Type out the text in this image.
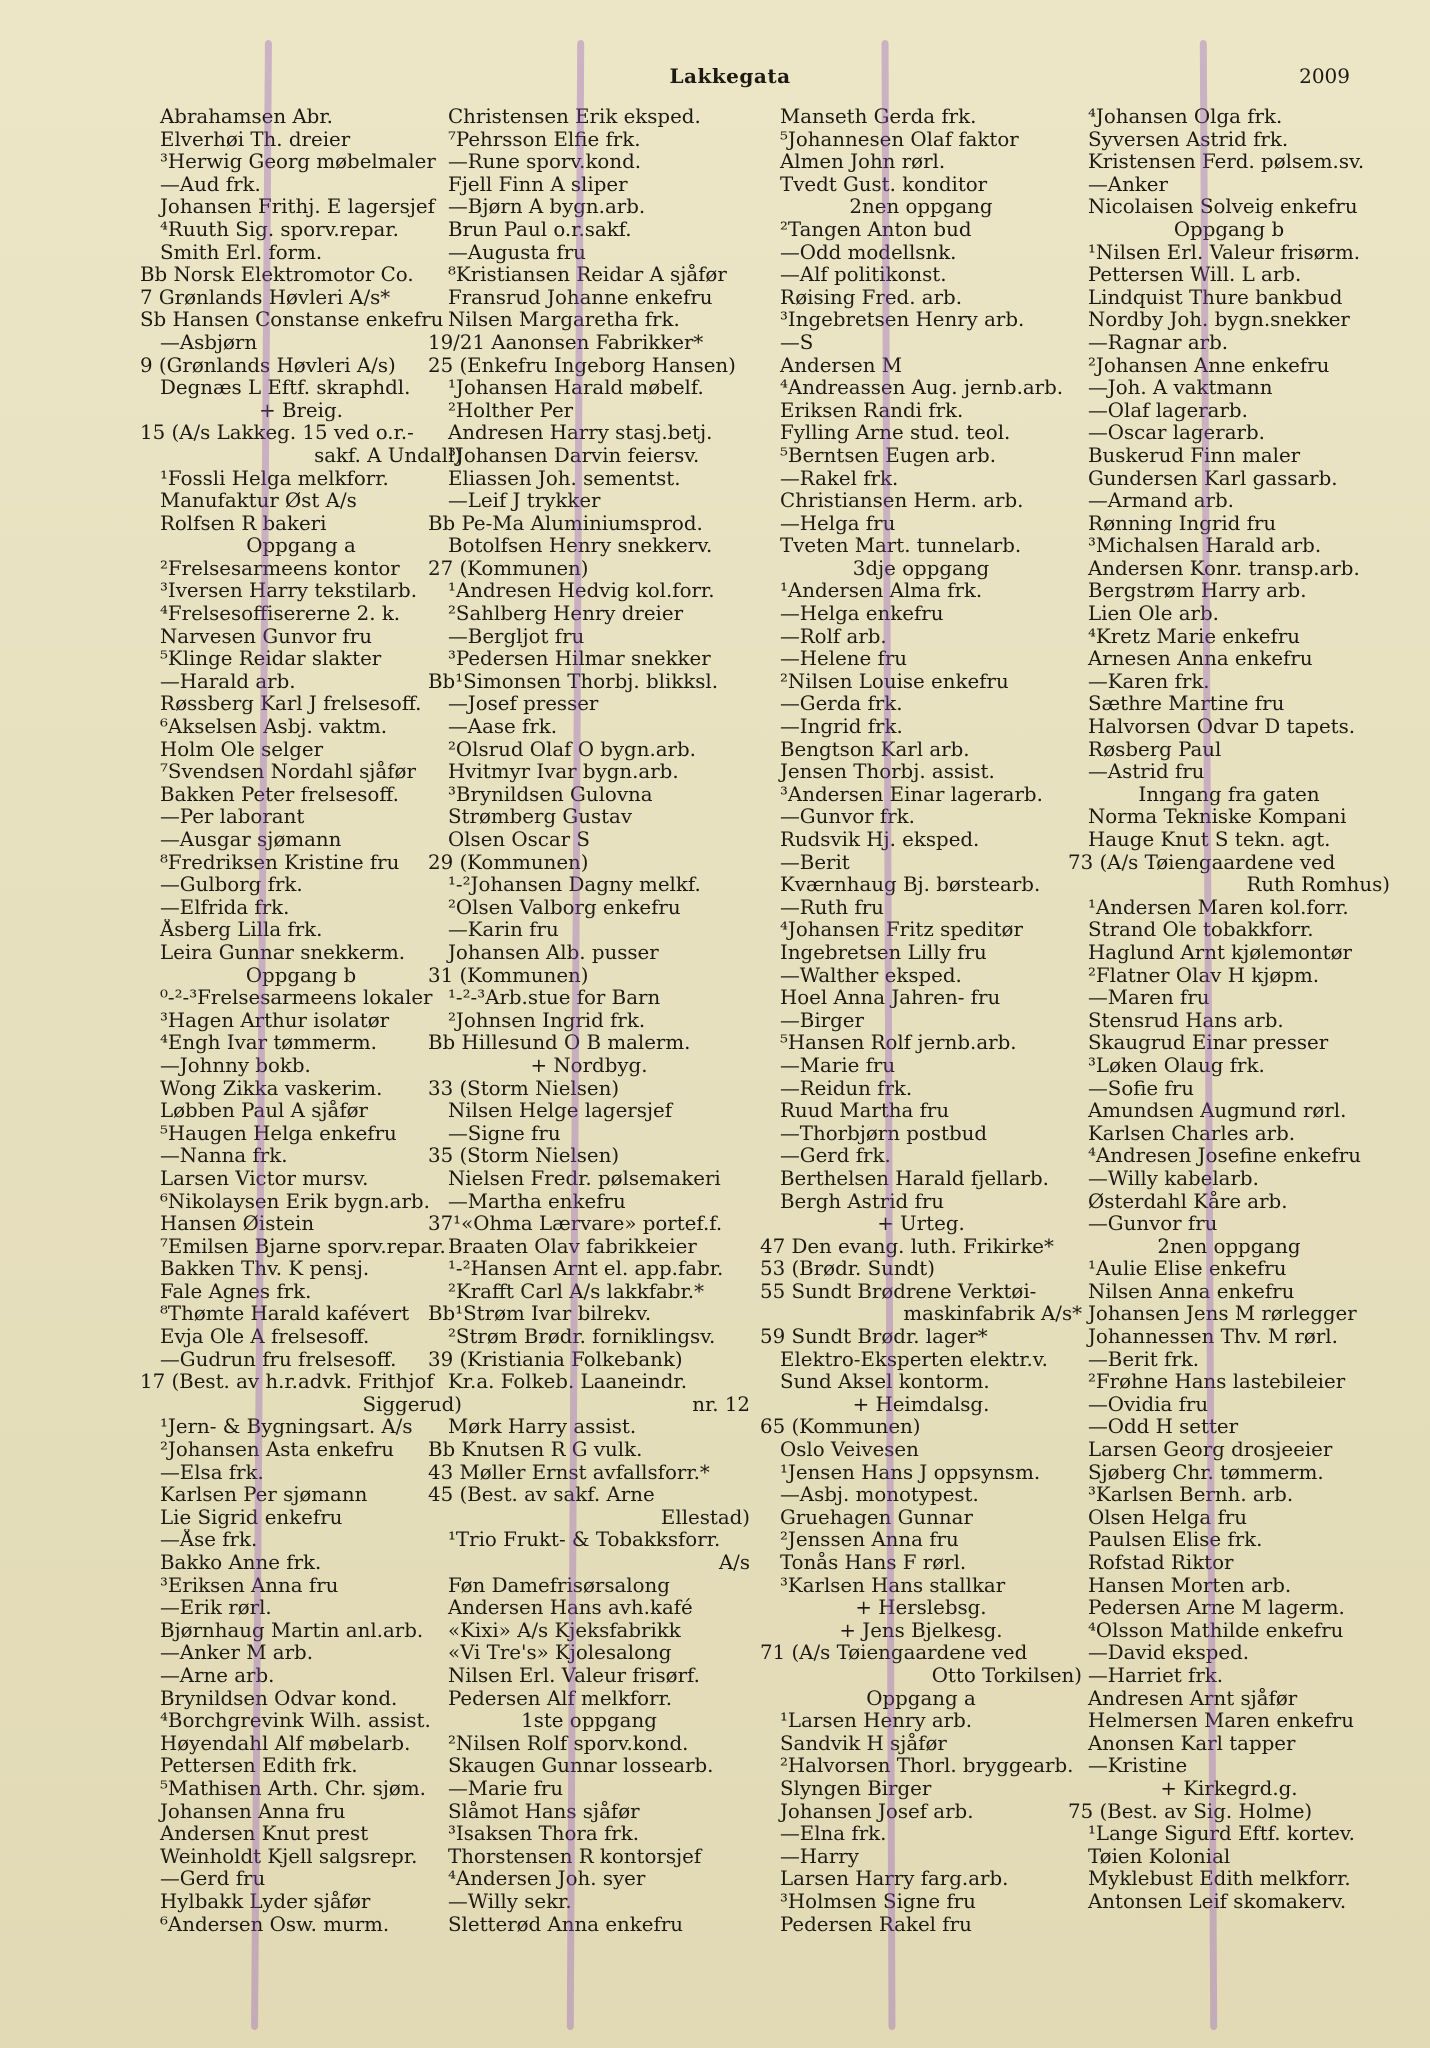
Lakkegata	2009
Abrahamsen Abr.
Elverhøi Th. dreier
³Herwig Georg møbelmaler
—Aud frk.
Johansen Frithj. E lagersjef
⁴Ruuth Sig. sporv.repar.
Smith Erl. form.
Bb Norsk Elektromotor Co.
7 Grønlands Høvleri A/s*
Sb Hansen Constanse enkefru
—Asbjørn
9 (Grønlands Høvleri A/s)
Degnæs L Eftf. skraphdl.
+ Breig.
15 (A/s Lakkeg. 15 ved o.r.-
sakf. A Undall)
¹Fossli Helga melkforr.
Manufaktur Øst A/s
Rolfsen R bakeri
Oppgang a
²Frelsesarmeens kontor
³Iversen Harry tekstilarb.
⁴Frelsesoffisererne 2. k.
Narvesen Gunvor fru
⁵Klinge Reidar slakter
—Harald arb.
Røssberg Karl J frelsesoff.
⁶Akselsen Asbj. vaktm.
Holm Ole selger
⁷Svendsen Nordahl sjåfør
Bakken Peter frelsesoff.
—Per laborant
—Ausgar sjømann
⁸Fredriksen Kristine fru
—Gulborg frk.
—Elfrida frk.
Åsberg Lilla frk.
Leira Gunnar snekkerm.
Oppgang b
⁰-²-³Frelsesarmeens lokaler
³Hagen Arthur isolatør
⁴Engh Ivar tømmerm.
—Johnny bokb.
Wong Zikka vaskerim.
Løbben Paul A sjåfør
⁵Haugen Helga enkefru
—Nanna frk.
Larsen Victor mursv.
⁶Nikolaysen Erik bygn.arb.
Hansen Øistein
⁷Emilsen Bjarne sporv.repar.
Bakken Thv. K pensj.
Fale Agnes frk.
⁸Thømte Harald kafévert
Evja Ole A frelsesoff.
—Gudrun fru frelsesoff.
17 (Best. av h.r.advk. Frithjof
Siggerud)
¹Jern- & Bygningsart. A/s
²Johansen Asta enkefru
—Elsa frk.
Karlsen Per sjømann
Lie Sigrid enkefru
—Åse frk.
Bakko Anne frk.
³Eriksen Anna fru
—Erik rørl.
Bjørnhaug Martin anl.arb.
—Anker M arb.
—Arne arb.
Brynildsen Odvar kond.
⁴Borchgrevink Wilh. assist.
Høyendahl Alf møbelarb.
Pettersen Edith frk.
⁵Mathisen Arth. Chr. sjøm.
Johansen Anna fru
Andersen Knut prest
Weinholdt Kjell salgsrepr.
—Gerd fru
Hylbakk Lyder sjåfør
⁶Andersen Osw. murm.
Christensen Erik eksped.
⁷Pehrsson Elfie frk.
—Rune sporv.kond.
Fjell Finn A sliper
—Bjørn A bygn.arb.
Brun Paul o.r.sakf.
—Augusta fru
⁸Kristiansen Reidar A sjåfør
Fransrud Johanne enkefru
Nilsen Margaretha frk.
19/21 Aanonsen Fabrikker*
25 (Enkefru Ingeborg Hansen)
¹Johansen Harald møbelf.
²Holther Per
Andresen Harry stasj.betj.
³Johansen Darvin feiersv.
Eliassen Joh. sementst.
—Leif J trykker
Bb Pe-Ma Aluminiumsprod.
Botolfsen Henry snekkerv.
27 (Kommunen)
¹Andresen Hedvig kol.forr.
²Sahlberg Henry dreier
—Bergljot fru
³Pedersen Hilmar snekker
Bb¹Simonsen Thorbj. blikksl.
—Josef presser
—Aase frk.
²Olsrud Olaf O bygn.arb.
Hvitmyr Ivar bygn.arb.
³Brynildsen Gulovna
Strømberg Gustav
Olsen Oscar S
29 (Kommunen)
¹-²Johansen Dagny melkf.
²Olsen Valborg enkefru
—Karin fru
Johansen Alb. pusser
31 (Kommunen)
¹-²-³Arb.stue for Barn
²Johnsen Ingrid frk.
Bb Hillesund O B malerm.
+ Nordbyg.
33 (Storm Nielsen)
Nilsen Helge lagersjef
—Signe fru
35 (Storm Nielsen)
Nielsen Fredr. pølsemakeri
—Martha enkefru
37¹«Ohma Lærvare» portef.f.
Braaten Olav fabrikkeier
¹-²Hansen Arnt el. app.fabr.
²Krafft Carl A/s lakkfabr.*
Bb¹Strøm Ivar bilrekv.
²Strøm Brødr. forniklingsv.
39 (Kristiania Folkebank)
Kr.a. Folkeb. Laaneindr.
nr. 12
Mørk Harry assist.
Bb Knutsen R G vulk.
43 Møller Ernst avfallsforr.*
45 (Best. av sakf. Arne
Ellestad)
¹Trio Frukt- & Tobakksforr.
A/s
Føn Damefrisørsalong
Andersen Hans avh.kafé
«Kixi» A/s Kjeksfabrikk
«Vi Tre's» Kjolesalong
Nilsen Erl. Valeur frisørf.
Pedersen Alf melkforr.
1ste oppgang
²Nilsen Rolf sporv.kond.
Skaugen Gunnar lossearb.
—Marie fru
Slåmot Hans sjåfør
³Isaksen Thora frk.
Thorstensen R kontorsjef
⁴Andersen Joh. syer
—Willy sekr.
Sletterød Anna enkefru
Manseth Gerda frk.
⁵Johannesen Olaf faktor
Almen John rørl.
Tvedt Gust. konditor
2nen oppgang
²Tangen Anton bud
—Odd modellsnk.
—Alf politikonst.
Røising Fred. arb.
³Ingebretsen Henry arb.
—S
Andersen M
⁴Andreassen Aug. jernb.arb.
Eriksen Randi frk.
Fylling Arne stud. teol.
⁵Berntsen Eugen arb.
—Rakel frk.
Christiansen Herm. arb.
—Helga fru
Tveten Mart. tunnelarb.
3dje oppgang
¹Andersen Alma frk.
—Helga enkefru
—Rolf arb.
—Helene fru
²Nilsen Louise enkefru
—Gerda frk.
—Ingrid frk.
Bengtson Karl arb.
Jensen Thorbj. assist.
³Andersen Einar lagerarb.
—Gunvor frk.
Rudsvik Hj. eksped.
—Berit
Kværnhaug Bj. børstearb.
—Ruth fru
⁴Johansen Fritz speditør
Ingebretsen Lilly fru
—Walther eksped.
Hoel Anna Jahren- fru
—Birger
⁵Hansen Rolf jernb.arb.
—Marie fru
—Reidun frk.
Ruud Martha fru
—Thorbjørn postbud
—Gerd frk.
Berthelsen Harald fjellarb.
Bergh Astrid fru
+ Urteg.
47 Den evang. luth. Frikirke*
53 (Brødr. Sundt)
55 Sundt Brødrene Verktøi-
maskinfabrik A/s*
59 Sundt Brødr. lager*
Elektro-Eksperten elektr.v.
Sund Aksel kontorm.
+ Heimdalsg.
65 (Kommunen)
Oslo Veivesen
¹Jensen Hans J oppsynsm.
—Asbj. monotypest.
Gruehagen Gunnar
²Jenssen Anna fru
Tonås Hans F rørl.
³Karlsen Hans stallkar
+ Herslebsg.
+ Jens Bjelkesg.
71 (A/s Tøiengaardene ved
Otto Torkilsen)
Oppgang a
¹Larsen Henry arb.
Sandvik H sjåfør
²Halvorsen Thorl. bryggearb.
Slyngen Birger
Johansen Josef arb.
—Elna frk.
—Harry
Larsen Harry farg.arb.
³Holmsen Signe fru
Pedersen Rakel fru
⁴Johansen Olga frk.
Syversen Astrid frk.
Kristensen Ferd. pølsem.sv.
—Anker
Nicolaisen Solveig enkefru
Oppgang b
¹Nilsen Erl. Valeur frisørm.
Pettersen Will. L arb.
Lindquist Thure bankbud
Nordby Joh. bygn.snekker
—Ragnar arb.
²Johansen Anne enkefru
—Joh. A vaktmann
—Olaf lagerarb.
—Oscar lagerarb.
Buskerud Finn maler
Gundersen Karl gassarb.
—Armand arb.
Rønning Ingrid fru
³Michalsen Harald arb.
Andersen Konr. transp.arb.
Bergstrøm Harry arb.
Lien Ole arb.
⁴Kretz Marie enkefru
Arnesen Anna enkefru
—Karen frk.
Sæthre Martine fru
Halvorsen Odvar D tapets.
Røsberg Paul
—Astrid fru
Inngang fra gaten
Norma Tekniske Kompani
Hauge Knut S tekn. agt.
73 (A/s Tøiengaardene ved
Ruth Romhus)
¹Andersen Maren kol.forr.
Strand Ole tobakkforr.
Haglund Arnt kjølemontør
²Flatner Olav H kjøpm.
—Maren fru
Stensrud Hans arb.
Skaugrud Einar presser
³Løken Olaug frk.
—Sofie fru
Amundsen Augmund rørl.
Karlsen Charles arb.
⁴Andresen Josefine enkefru
—Willy kabelarb.
Østerdahl Kåre arb.
—Gunvor fru
2nen oppgang
¹Aulie Elise enkefru
Nilsen Anna enkefru
Johansen Jens M rørlegger
Johannessen Thv. M rørl.
—Berit frk.
²Frøhne Hans lastebileier
—Ovidia fru
—Odd H setter
Larsen Georg drosjeeier
Sjøberg Chr. tømmerm.
³Karlsen Bernh. arb.
Olsen Helga fru
Paulsen Elise frk.
Rofstad Riktor
Hansen Morten arb.
Pedersen Arne M lagerm.
⁴Olsson Mathilde enkefru
—David eksped.
—Harriet frk.
Andresen Arnt sjåfør
Helmersen Maren enkefru
Anonsen Karl tapper
—Kristine
+ Kirkegrd.g.
75 (Best. av Sig. Holme)
¹Lange Sigurd Eftf. kortev.
Tøien Kolonial
Myklebust Edith melkforr.
Antonsen Leif skomakerv.
